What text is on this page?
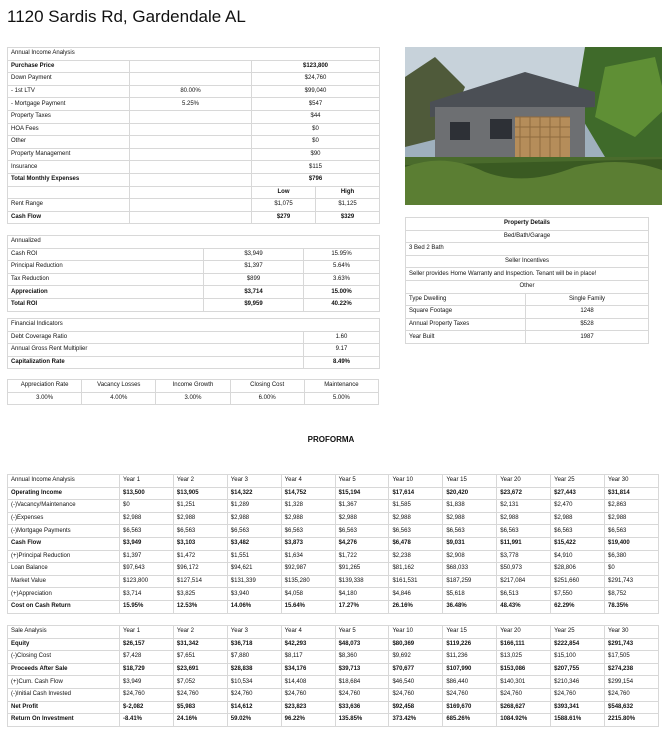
1120 Sardis Rd, Gardendale AL
Annual Income Analysis			
Purchase Price		$123,800	
Down Payment		$24,760	
- 1st LTV	80.00%	$99,040	
- Mortgage Payment	5.25%	$547	
Property Taxes		$44	
HOA Fees		$0	
Other		$0	
Property Management		$90	
Insurance		$115	
Total Monthly Expenses		$796	
		Low	High
Rent Range		$1,075	$1,125
Cash Flow		$279	$329
Annualized		
Cash ROI	$3,949	15.95%
Principal Reduction	$1,397	5.64%
Tax Reduction	$899	3.63%
Appreciation	$3,714	15.00%
Total ROI	$9,959	40.22%
Property Details	
Bed/Bath/Garage	
3 Bed 2 Bath	
Seller Incentives	
Seller provides Home Warranty and Inspection. Tenant will be in place!	
Other	
Type Dwelling	Single Family
Square Footage	1248
Annual Property Taxes	$528
Year Built	1987
Financial Indicators	
Debt Coverage Ratio	1.60
Annual Gross Rent Multiplier	9.17
Capitalization Rate	8.49%
Appreciation Rate	Vacancy Losses	Income Growth	Closing Cost	Maintenance
3.00%	4.00%	3.00%	6.00%	5.00%
PROFORMA
Annual Income Analysis	Year 1	Year 2	Year 3	Year 4	Year 5	Year 10	Year 15	Year 20	Year 25	Year 30
Operating Income	$13,500	$13,905	$14,322	$14,752	$15,194	$17,614	$20,420	$23,672	$27,443	$31,814
(-)Vacancy/Maintenance	$0	$1,251	$1,289	$1,328	$1,367	$1,585	$1,838	$2,131	$2,470	$2,863
(-)Expenses	$2,988	$2,988	$2,988	$2,988	$2,988	$2,988	$2,988	$2,988	$2,988	$2,988
(-)Mortgage Payments	$6,563	$6,563	$6,563	$6,563	$6,563	$6,563	$6,563	$6,563	$6,563	$6,563
Cash Flow	$3,949	$3,103	$3,482	$3,873	$4,276	$6,478	$9,031	$11,991	$15,422	$19,400
(+)Principal Reduction	$1,397	$1,472	$1,551	$1,634	$1,722	$2,238	$2,908	$3,778	$4,910	$6,380
Loan Balance	$97,643	$96,172	$94,621	$92,987	$91,265	$81,162	$68,033	$50,973	$28,806	$0
Market Value	$123,800	$127,514	$131,339	$135,280	$139,338	$161,531	$187,259	$217,084	$251,660	$291,743
(+)Appreciation	$3,714	$3,825	$3,940	$4,058	$4,180	$4,846	$5,618	$6,513	$7,550	$8,752
Cost on Cash Return	15.95%	12.53%	14.06%	15.64%	17.27%	26.16%	36.48%	48.43%	62.29%	78.35%
Sale Analysis	Year 1	Year 2	Year 3	Year 4	Year 5	Year 10	Year 15	Year 20	Year 25	Year 30
Equity	$26,157	$31,342	$36,718	$42,293	$48,073	$80,369	$119,226	$166,111	$222,854	$291,743
(-)Closing Cost	$7,428	$7,651	$7,880	$8,117	$8,360	$9,692	$11,236	$13,025	$15,100	$17,505
Proceeds After Sale	$18,729	$23,691	$28,838	$34,176	$39,713	$70,677	$107,990	$153,086	$207,755	$274,238
(+)Cum. Cash Flow	$3,949	$7,052	$10,534	$14,408	$18,684	$46,540	$86,440	$140,301	$210,346	$299,154
(-)Initial Cash Invested	$24,760	$24,760	$24,760	$24,760	$24,760	$24,760	$24,760	$24,760	$24,760	$24,760
Net Profit	$-2,082	$5,983	$14,612	$23,823	$33,636	$92,458	$169,670	$268,627	$393,341	$548,632
Return On Investment	-8.41%	24.16%	59.02%	96.22%	135.85%	373.42%	685.26%	1084.92%	1588.61%	2215.80%
